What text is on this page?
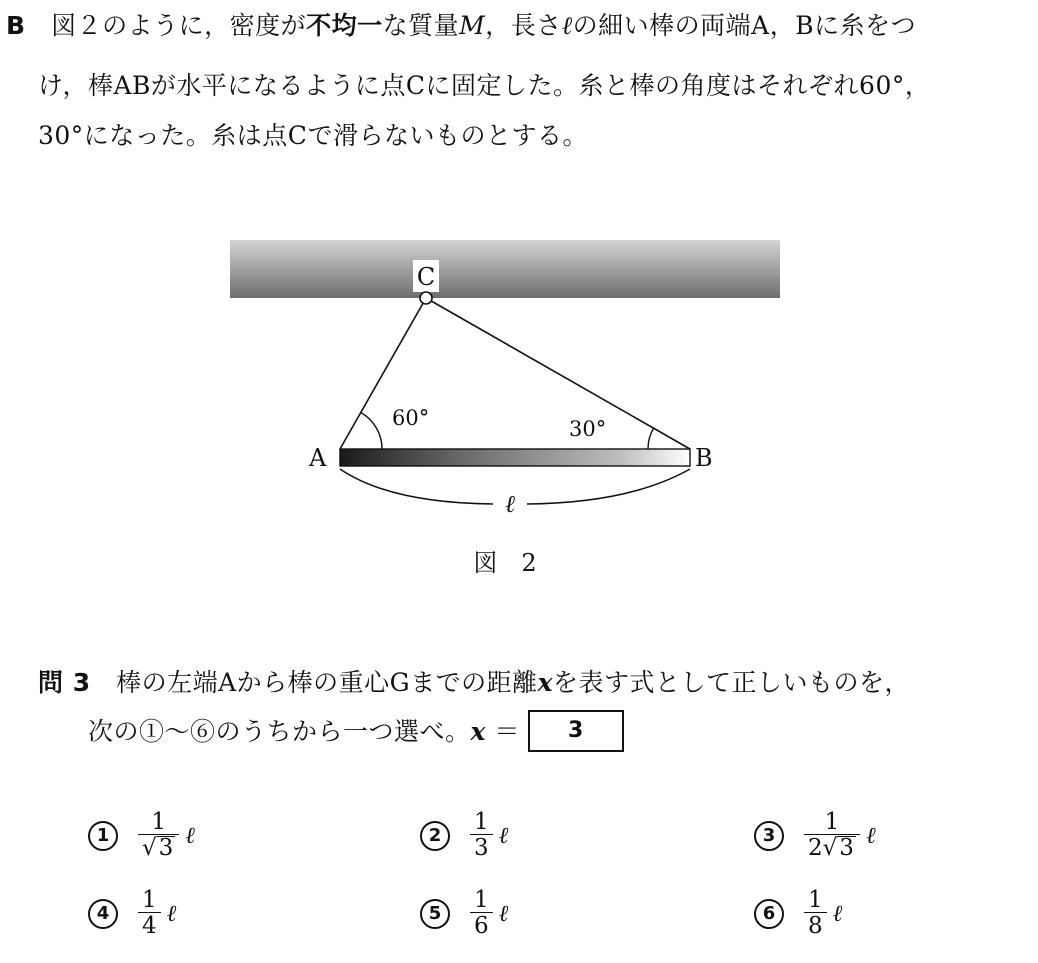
B　図２のように，密度が不均一な質量M，長さℓの細い棒の両端A，Bに糸をつ
け，棒ABが水平になるように点Cに固定した。糸と棒の角度はそれぞれ60°，
30°になった。糸は点Cで滑らないものとする。
C
60°	30°
A	B
ℓ
図　2
問 3　棒の左端Aから棒の重心Gまでの距離xを表す式として正しいものを，
次の①～⑥のうちから一つ選べ。x ＝ 3
1	$\frac{1}{√3}$ ℓ	2	$\frac{1}{3}$ ℓ	3	$\frac{1}{2√3}$ ℓ
4	$\frac{1}{4}$ ℓ	5	$\frac{1}{6}$ ℓ	6	$\frac{1}{8}$ ℓ
